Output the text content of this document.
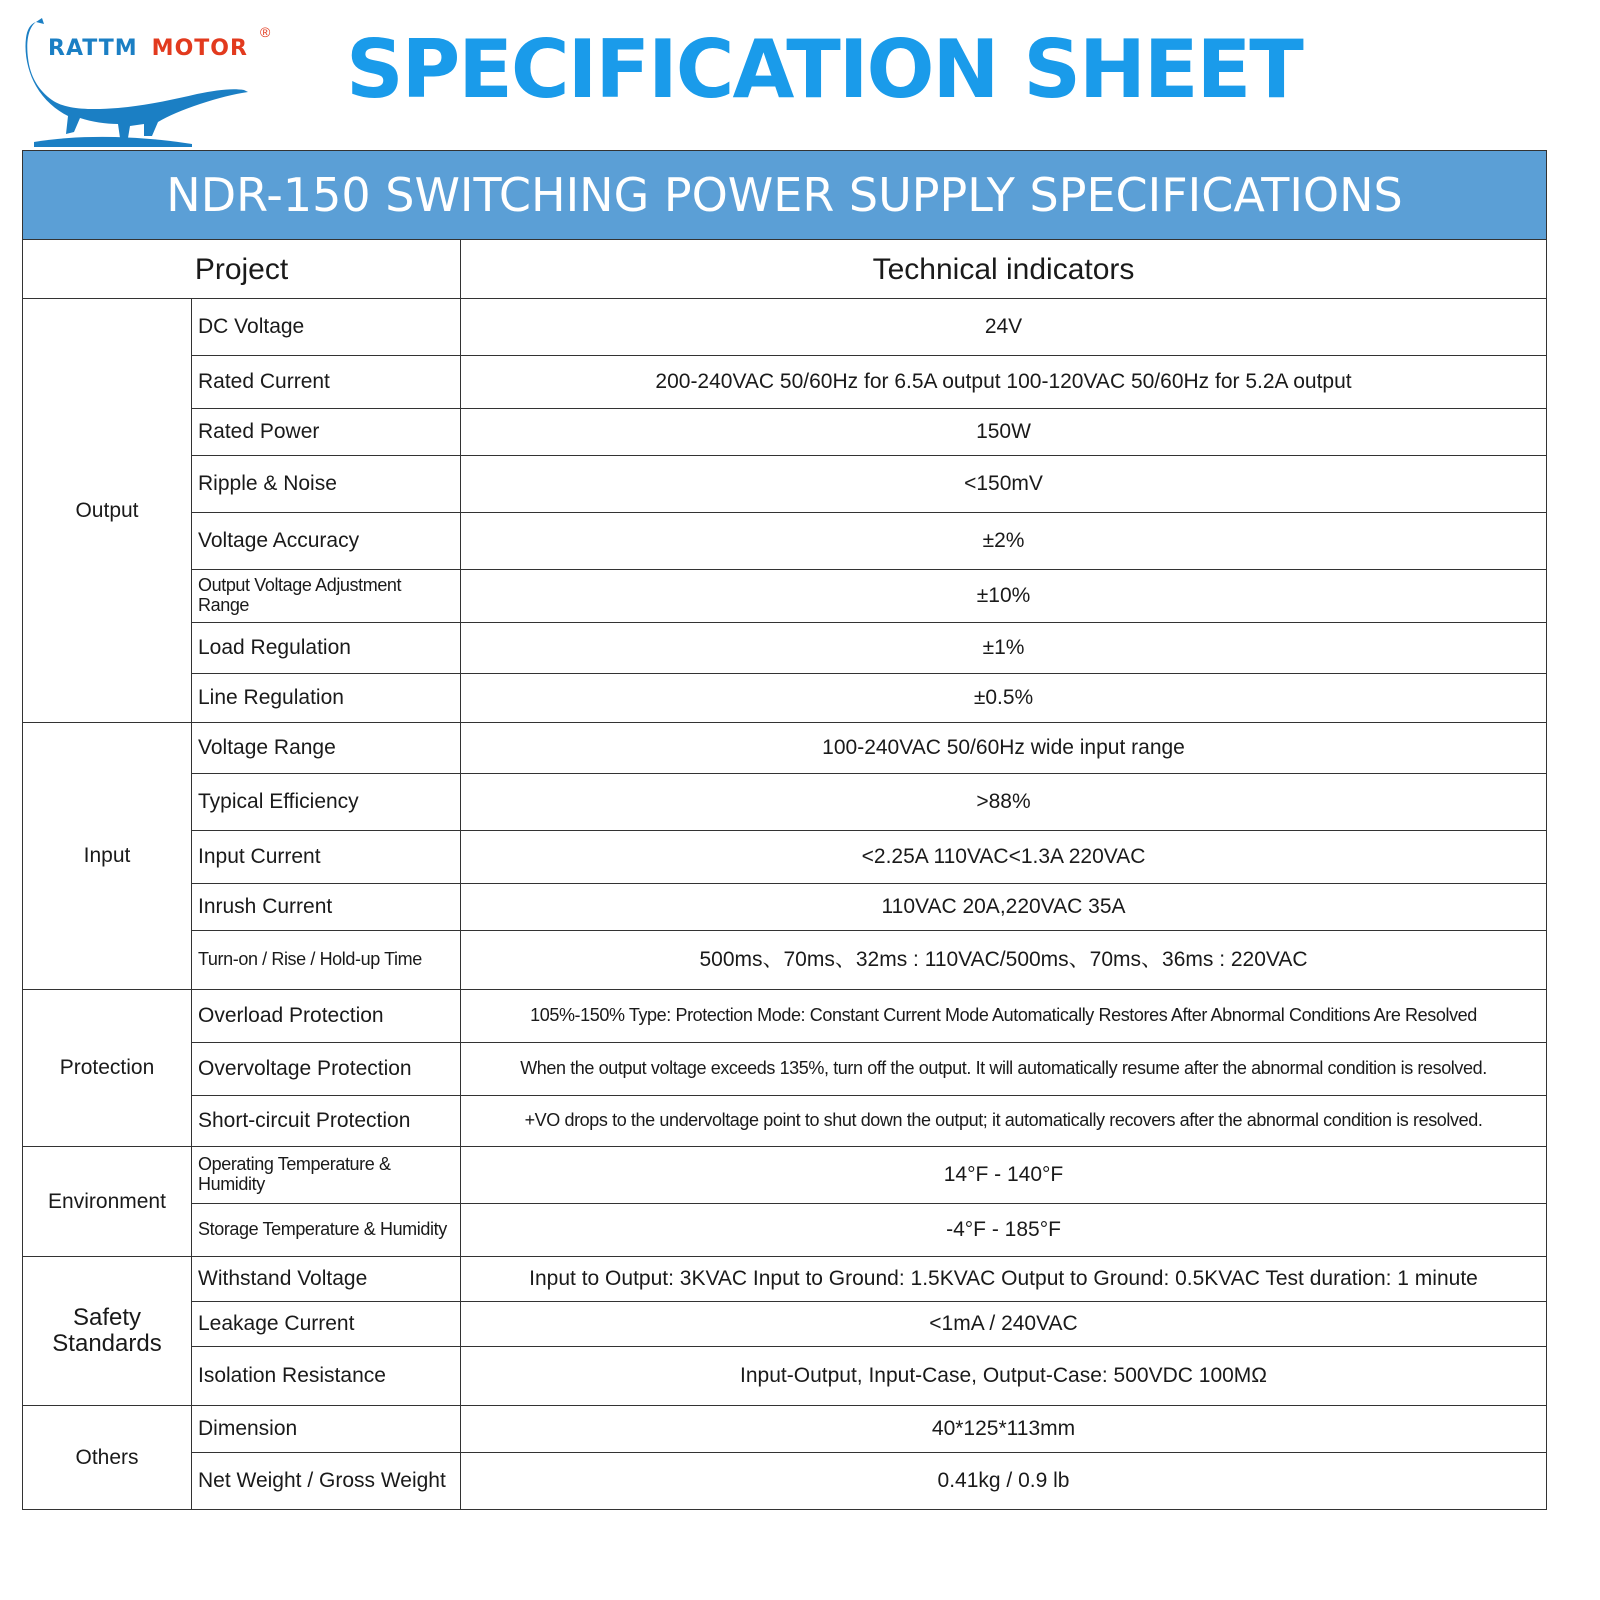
RATTM MOTOR
® SPECIFICATION SHEET
NDR-150 SWITCHING POWER SUPPLY SPECIFICATIONS		
Project		Technical indicators
Output	DC Voltage	24V
	Rated Current	200-240VAC 50/60Hz for 6.5A output 100-120VAC 50/60Hz for 5.2A output
	Rated Power	150W
	Ripple & Noise	<150mV
	Voltage Accuracy	±2%
	Output Voltage Adjustment Range	±10%
	Load Regulation	±1%
	Line Regulation	±0.5%
Input	Voltage Range	100-240VAC 50/60Hz wide input range
	Typical Efficiency	>88%
	Input Current	<2.25A 110VAC<1.3A 220VAC
	Inrush Current	110VAC 20A,220VAC 35A
	Turn-on / Rise / Hold-up Time	500ms、70ms、32ms : 110VAC/500ms、70ms、36ms : 220VAC
Protection	Overload Protection	105%-150% Type: Protection Mode: Constant Current Mode Automatically Restores After Abnormal Conditions Are Resolved
	Overvoltage Protection	When the output voltage exceeds 135%, turn off the output. It will automatically resume after the abnormal condition is resolved.
	Short-circuit Protection	+VO drops to the undervoltage point to shut down the output; it automatically recovers after the abnormal condition is resolved.
Environment	Operating Temperature & Humidity	14°F - 140°F
	Storage Temperature & Humidity	-4°F - 185°F
Safety Standards	Withstand Voltage	Input to Output: 3KVAC Input to Ground: 1.5KVAC Output to Ground: 0.5KVAC Test duration: 1 minute
	Leakage Current	<1mA / 240VAC
	Isolation Resistance	Input-Output, Input-Case, Output-Case: 500VDC 100MΩ
Others	Dimension	40*125*113mm
	Net Weight / Gross Weight	0.41kg / 0.9 lb
